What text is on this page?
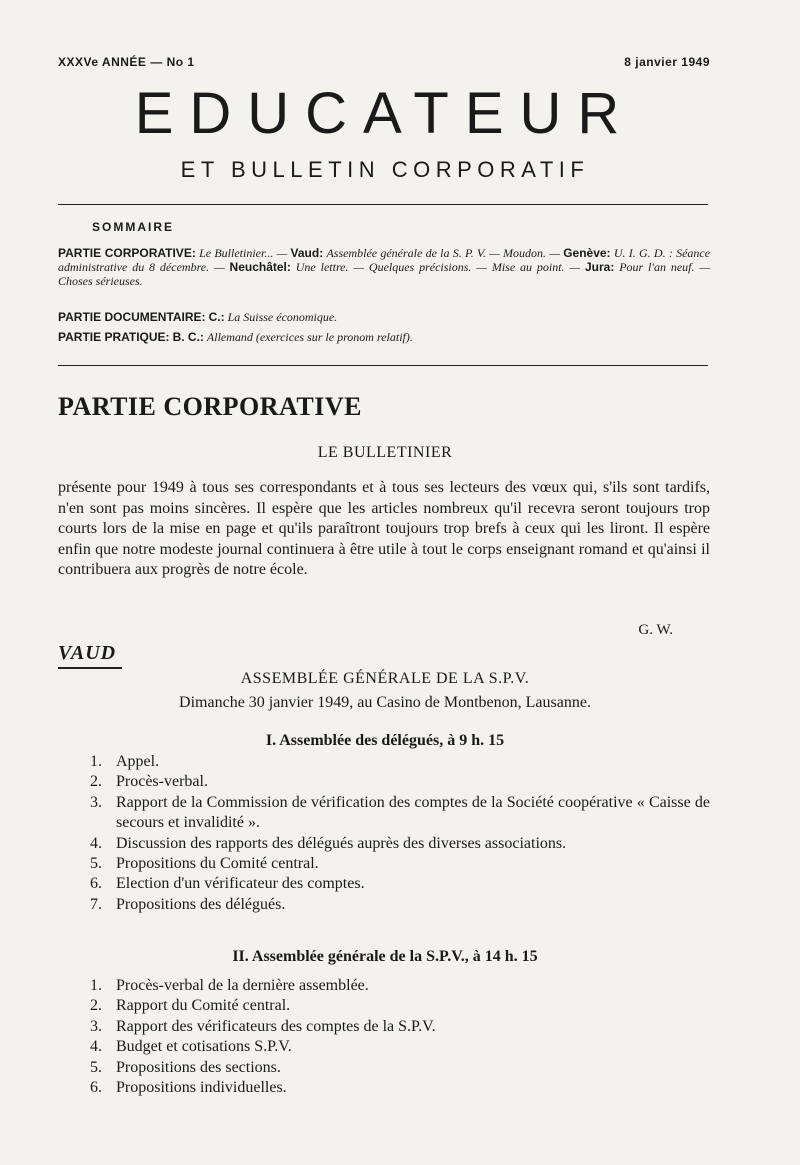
XXXVe ANNÉE — No 1	8 janvier 1949
EDUCATEUR
ET BULLETIN CORPORATIF
SOMMAIRE
PARTIE CORPORATIVE: Le Bulletinier... — Vaud: Assemblée générale de la S. P. V. — Moudon. — Genève: U. I. G. D. : Séance administrative du 8 décembre. — Neuchâtel: Une lettre. — Quelques précisions. — Mise au point. — Jura: Pour l'an neuf. — Choses sérieuses.
PARTIE DOCUMENTAIRE: C.: La Suisse économique.
PARTIE PRATIQUE: B. C.: Allemand (exercices sur le pronom relatif).
PARTIE CORPORATIVE
LE BULLETINIER
présente pour 1949 à tous ses correspondants et à tous ses lecteurs des vœux qui, s'ils sont tardifs, n'en sont pas moins sincères. Il espère que les articles nombreux qu'il recevra seront toujours trop courts lors de la mise en page et qu'ils paraîtront toujours trop brefs à ceux qui les liront. Il espère enfin que notre modeste journal continuera à être utile à tout le corps enseignant romand et qu'ainsi il contribuera aux progrès de notre école.
G. W.
VAUD
ASSEMBLÉE GÉNÉRALE DE LA S.P.V.
Dimanche 30 janvier 1949, au Casino de Montbenon, Lausanne.
I. Assemblée des délégués, à 9 h. 15
1. Appel.
2. Procès-verbal.
3. Rapport de la Commission de vérification des comptes de la Société coopérative « Caisse de secours et invalidité ».
4. Discussion des rapports des délégués auprès des diverses associations.
5. Propositions du Comité central.
6. Election d'un vérificateur des comptes.
7. Propositions des délégués.
II. Assemblée générale de la S.P.V., à 14 h. 15
1. Procès-verbal de la dernière assemblée.
2. Rapport du Comité central.
3. Rapport des vérificateurs des comptes de la S.P.V.
4. Budget et cotisations S.P.V.
5. Propositions des sections.
6. Propositions individuelles.
